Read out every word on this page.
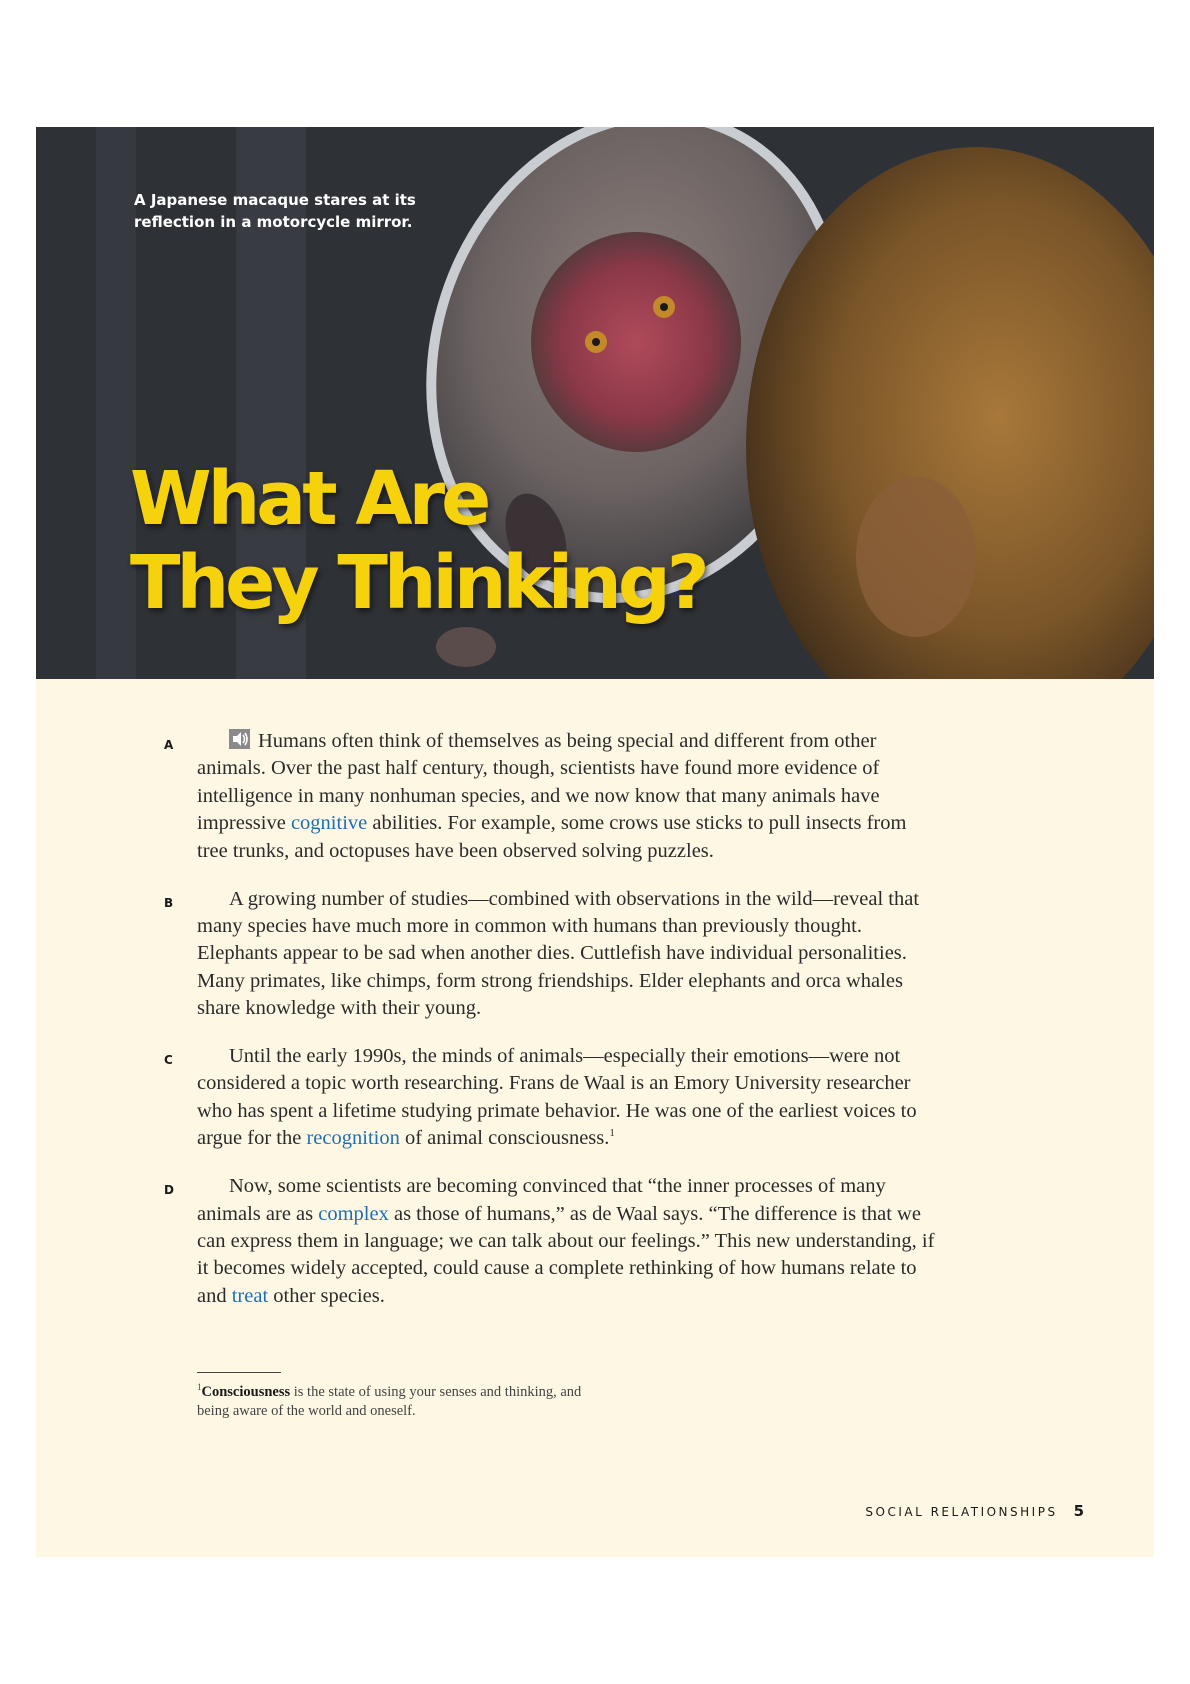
A Japanese macaque stares at its reflection in a motorcycle mirror.
What Are
They Thinking?

A	Humans often think of themselves as being special and different from other animals. Over the past half century, though, scientists have found more evidence of intelligence in many nonhuman species, and we now know that many animals have impressive cognitive abilities. For example, some crows use sticks to pull insects from tree trunks, and octopuses have been observed solving puzzles.

B	A growing number of studies—combined with observations in the wild—reveal that many species have much more in common with humans than previously thought. Elephants appear to be sad when another dies. Cuttlefish have individual personalities. Many primates, like chimps, form strong friendships. Elder elephants and orca whales share knowledge with their young.

C	Until the early 1990s, the minds of animals—especially their emotions—were not considered a topic worth researching. Frans de Waal is an Emory University researcher who has spent a lifetime studying primate behavior. He was one of the earliest voices to argue for the recognition of animal consciousness.$^1$

D	Now, some scientists are becoming convinced that “the inner processes of many animals are as complex as those of humans,” as de Waal says. “The difference is that we can express them in language; we can talk about our feelings.” This new understanding, if it becomes widely accepted, could cause a complete rethinking of how humans relate to and treat other species.

$^1$Consciousness is the state of using your senses and thinking, and being aware of the world and oneself.
SOCIAL RELATIONSHIPS 5
